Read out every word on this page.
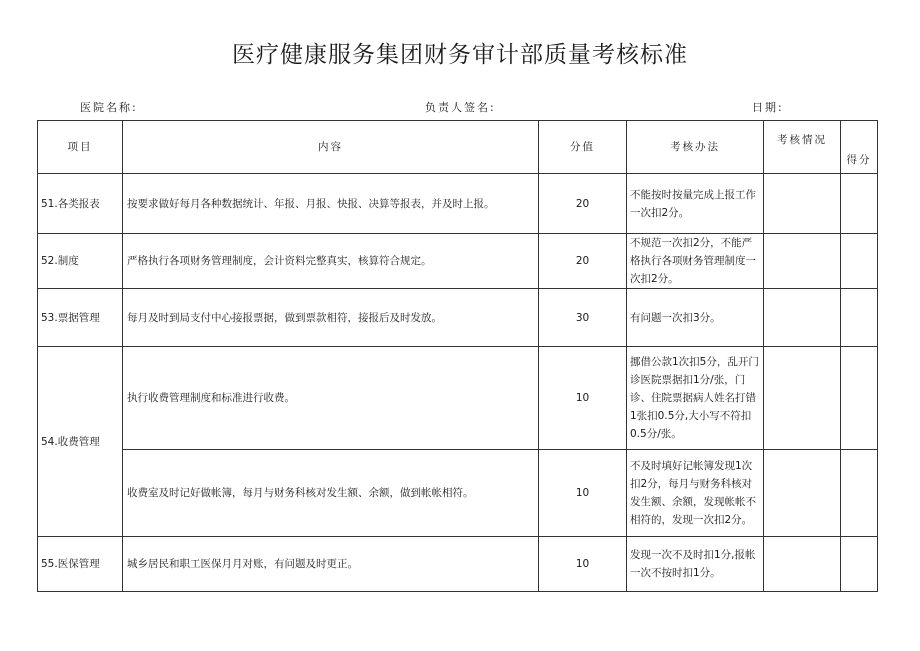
医疗健康服务集团财务审计部质量考核标准
医院名称:	负责人签名:	日期:
项目	内容	分值	考核办法	考核情况	得分
51.各类报表	按要求做好每月各种数据统计、年报、月报、快报、决算等报表，并及时上报。	20	不能按时按量完成上报工作一次扣2分。		
52.制度	严格执行各项财务管理制度，会计资料完整真实，核算符合规定。	20	不规范一次扣2分，不能严格执行各项财务管理制度一次扣2分。		
53.票据管理	每月及时到局支付中心接报票据，做到票款相符，接报后及时发放。	30	有问题一次扣3分。		
54.收费管理	执行收费管理制度和标准进行收费。	10	挪借公款1次扣5分，乱开门诊医院票据扣1分/张，门诊、住院票据病人姓名打错1张扣0.5分,大小写不符扣0.5分/张。		
	收费室及时记好做帐簿，每月与财务科核对发生额、余额，做到帐帐相符。	10	不及时填好记帐簿发现1次扣2分，每月与财务科核对发生额、余额，发现帐帐不相符的，发现一次扣2分。		
55.医保管理	城乡居民和职工医保月月对账，有问题及时更正。	10	发现一次不及时扣1分,报帐一次不按时扣1分。		
